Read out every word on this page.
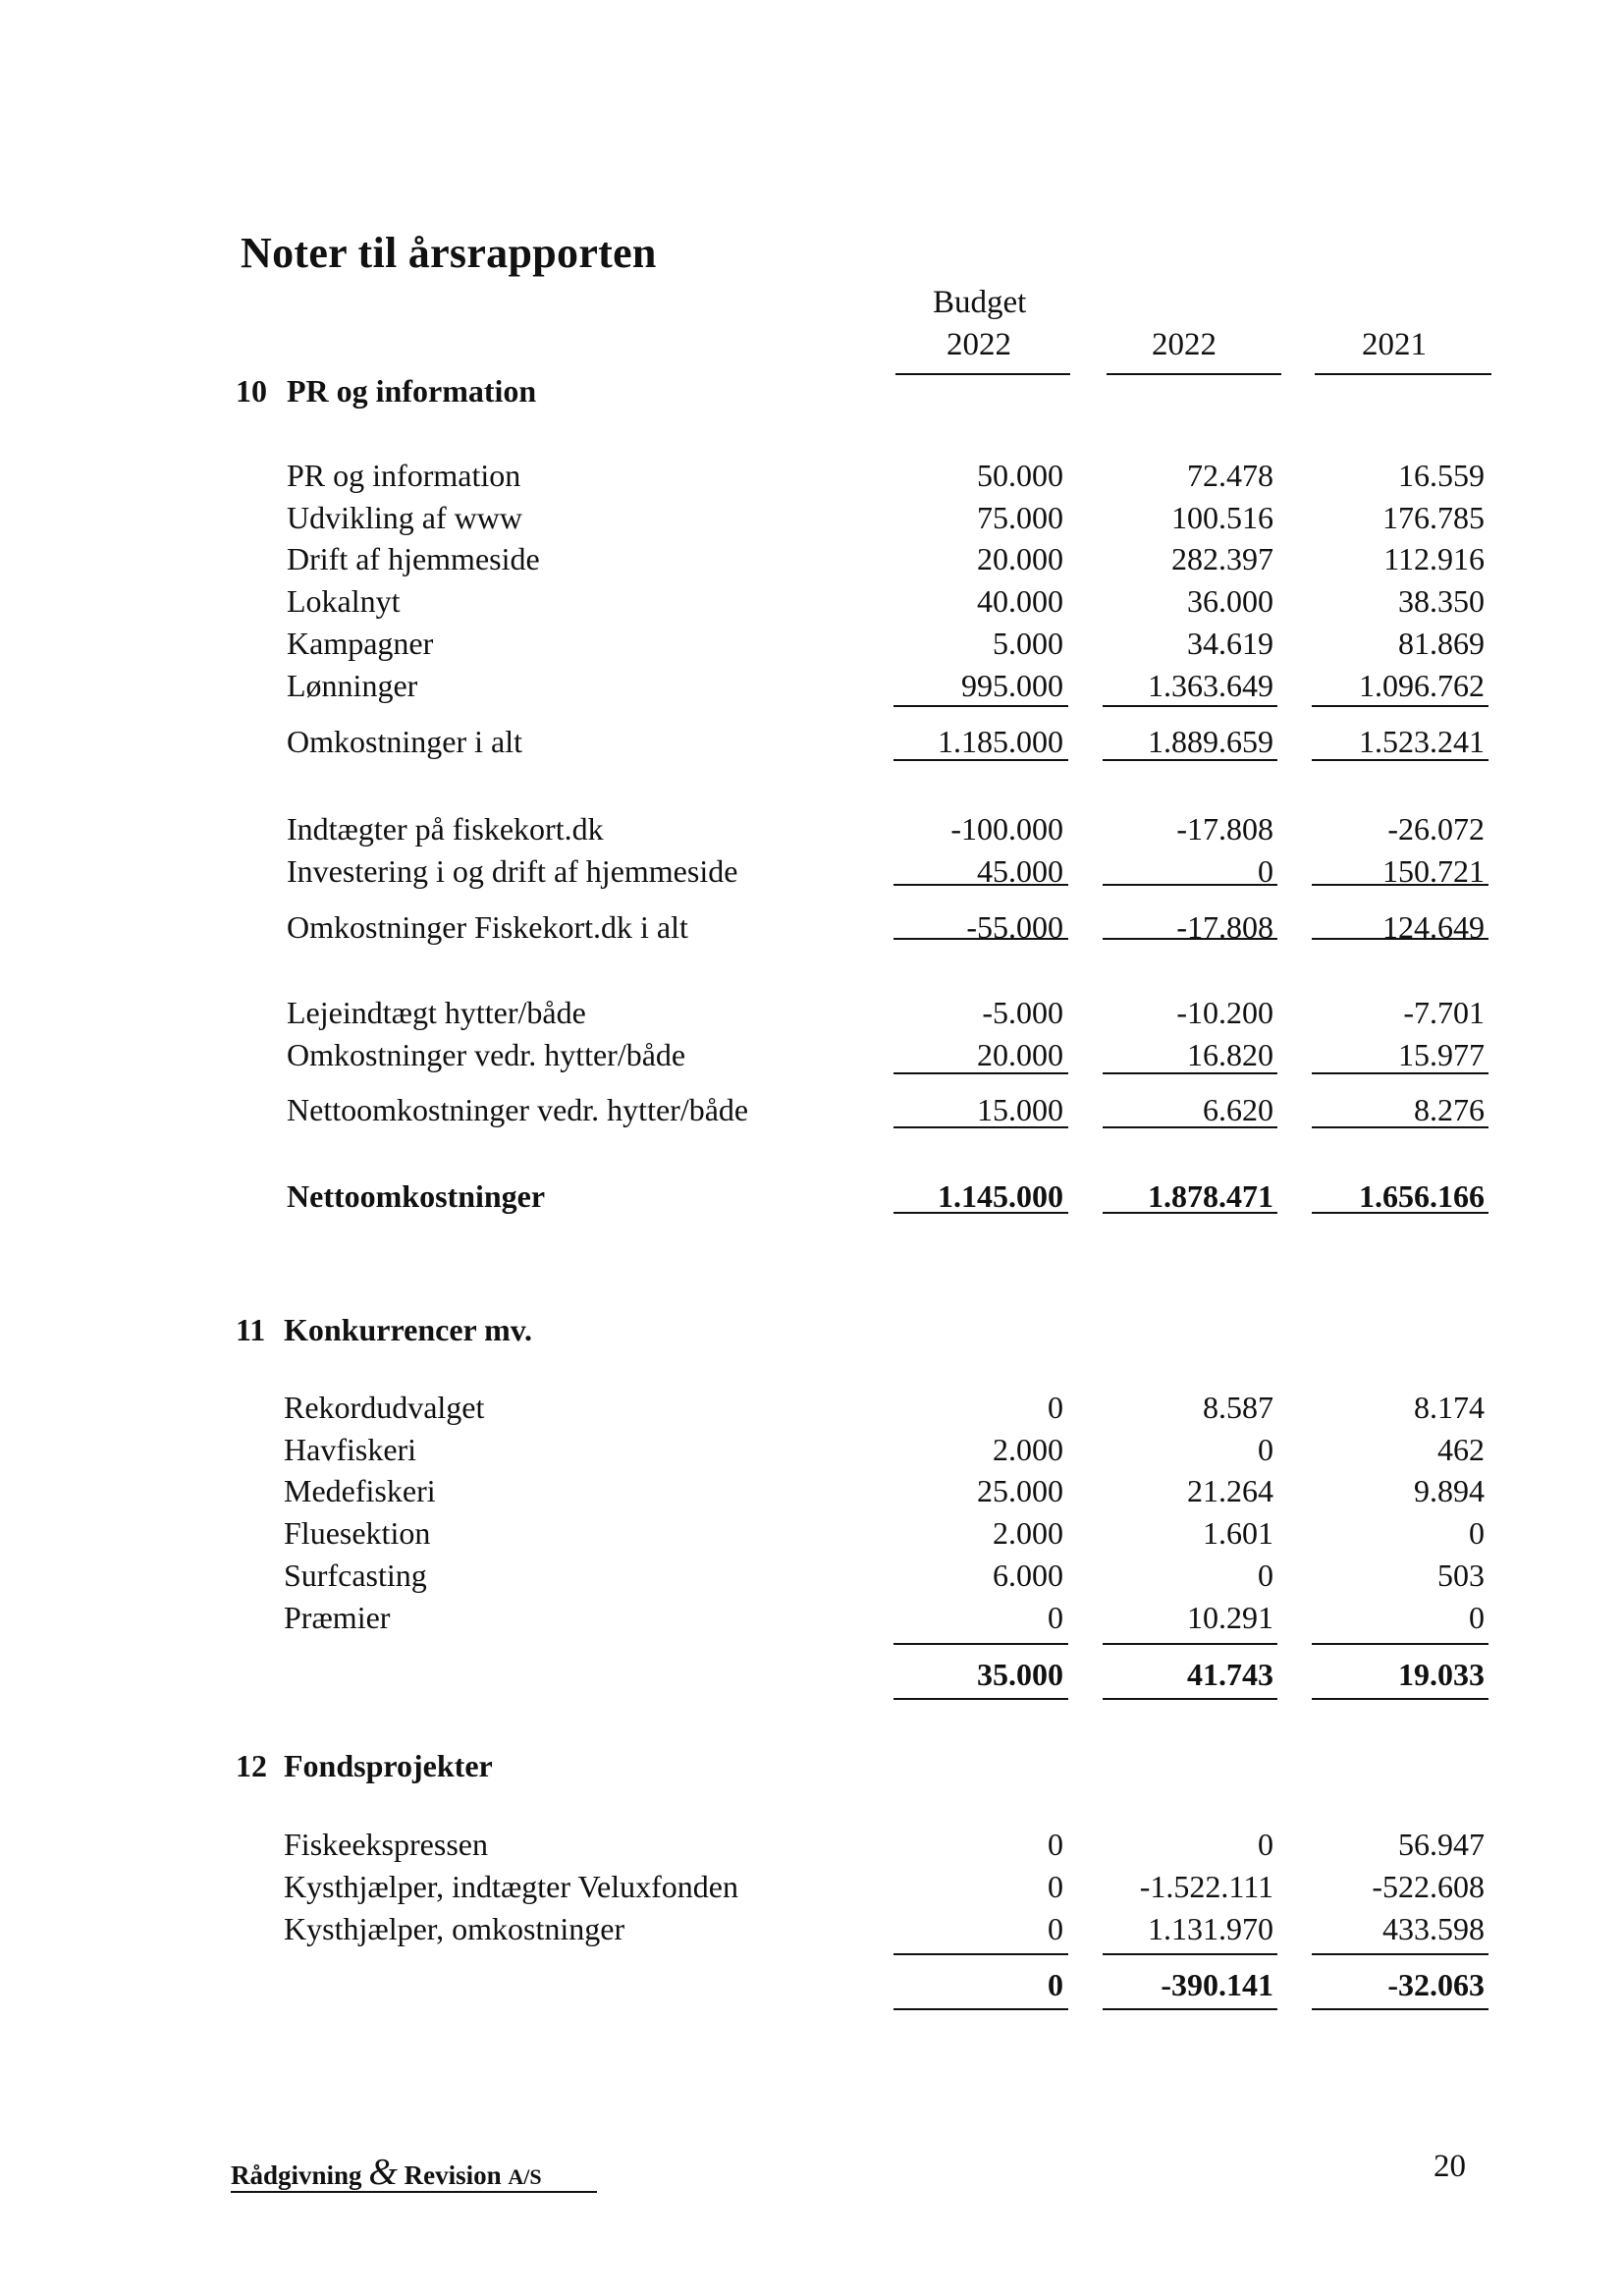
Noter til årsrapporten
Budget
2022	2022	2021
10 PR og information
PR og information	50.000	72.478	16.559
Udvikling af www	75.000	100.516	176.785
Drift af hjemmeside	20.000	282.397	112.916
Lokalnyt	40.000	36.000	38.350
Kampagner	5.000	34.619	81.869
Lønninger	995.000	1.363.649	1.096.762
Omkostninger i alt	1.185.000	1.889.659	1.523.241
Indtægter på fiskekort.dk	-100.000	-17.808	-26.072
Investering i og drift af hjemmeside	45.000	0	150.721
Omkostninger Fiskekort.dk i alt	-55.000	-17.808	124.649
Lejeindtægt hytter/både	-5.000	-10.200	-7.701
Omkostninger vedr. hytter/både	20.000	16.820	15.977
Nettoomkostninger vedr. hytter/både	15.000	6.620	8.276
Nettoomkostninger	1.145.000	1.878.471	1.656.166
11 Konkurrencer mv.
Rekordudvalget	0	8.587	8.174
Havfiskeri	2.000	0	462
Medefiskeri	25.000	21.264	9.894
Fluesektion	2.000	1.601	0
Surfcasting	6.000	0	503
Præmier	0	10.291	0
35.000	41.743	19.033
12 Fondsprojekter
Fiskeekspressen	0	0	56.947
Kysthjælper, indtægter Veluxfonden	0	-1.522.111	-522.608
Kysthjælper, omkostninger	0	1.131.970	433.598
0	-390.141	-32.063
Rådgivning & Revision A/S	20
